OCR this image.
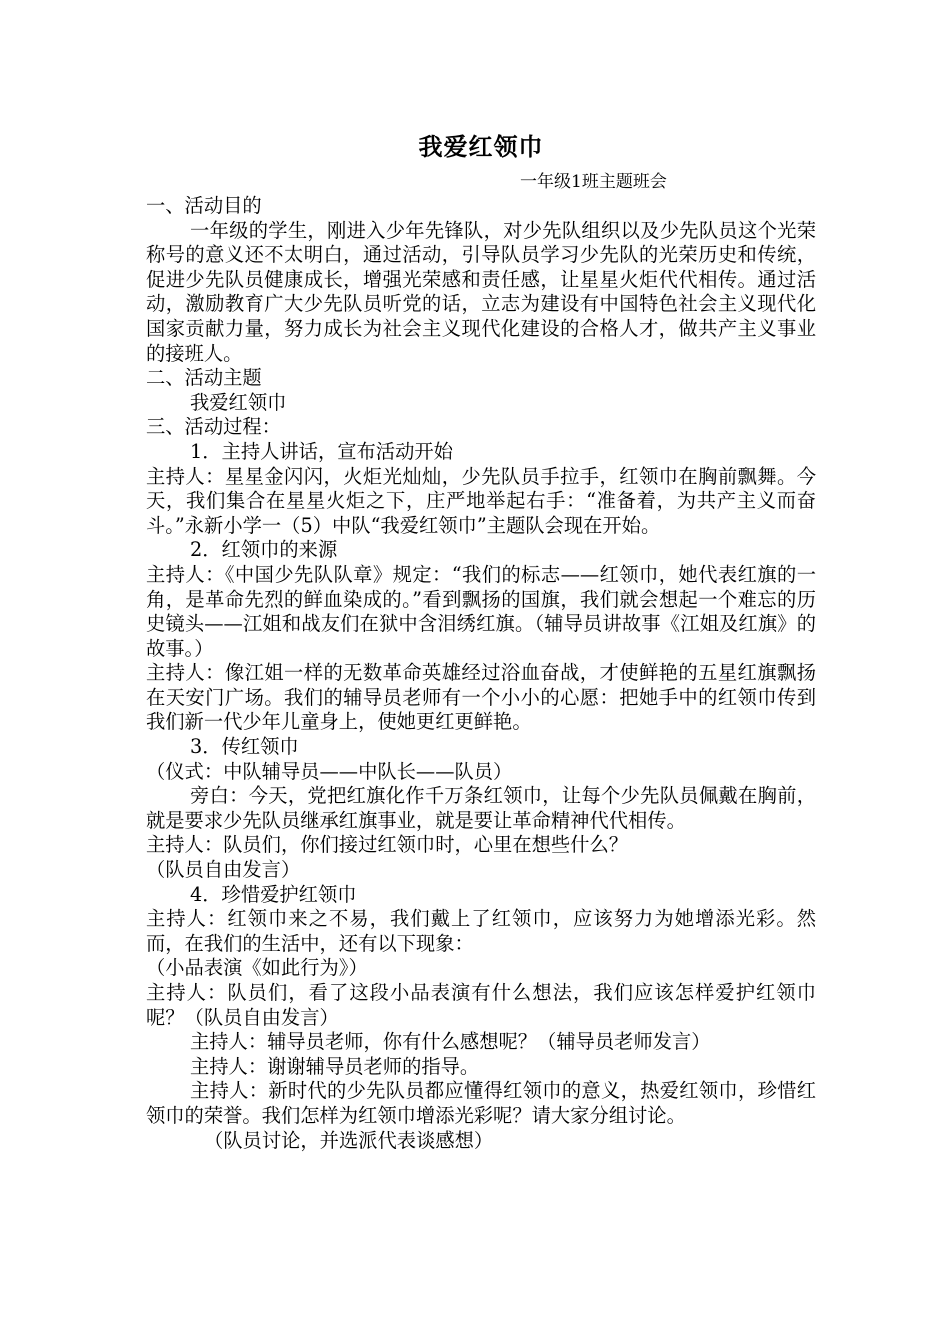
我爱红领巾

一年级1班主题班会

一、活动目的

一年级的学生，刚进入少年先锋队，对少先队组织以及少先队员这个光荣称号的意义还不太明白，通过活动，引导队员学习少先队的光荣历史和传统，促进少先队员健康成长，增强光荣感和责任感，让星星火炬代代相传。通过活动，激励教育广大少先队员听党的话，立志为建设有中国特色社会主义现代化国家贡献力量，努力成长为社会主义现代化建设的合格人才，做共产主义事业的接班人。

二、活动主题

我爱红领巾

三、活动过程：

1．主持人讲话，宣布活动开始

主持人：星星金闪闪，火炬光灿灿，少先队员手拉手，红领巾在胸前飘舞。今天，我们集合在星星火炬之下，庄严地举起右手：“准备着，为共产主义而奋斗。”永新小学一（5）中队“我爱红领巾”主题队会现在开始。

2．红领巾的来源

主持人：《中国少先队队章》规定：“我们的标志——红领巾，她代表红旗的一角，是革命先烈的鲜血染成的。”看到飘扬的国旗，我们就会想起一个难忘的历史镜头——江姐和战友们在狱中含泪绣红旗。（辅导员讲故事《江姐及红旗》的故事。）

主持人：像江姐一样的无数革命英雄经过浴血奋战，才使鲜艳的五星红旗飘扬在天安门广场。我们的辅导员老师有一个小小的心愿：把她手中的红领巾传到我们新一代少年儿童身上，使她更红更鲜艳。

3．传红领巾

（仪式：中队辅导员——中队长——队员）

旁白：今天，党把红旗化作千万条红领巾，让每个少先队员佩戴在胸前，就是要求少先队员继承红旗事业，就是要让革命精神代代相传。

主持人：队员们，你们接过红领巾时，心里在想些什么？

（队员自由发言）

4．珍惜爱护红领巾

主持人：红领巾来之不易，我们戴上了红领巾，应该努力为她增添光彩。然而，在我们的生活中，还有以下现象：

（小品表演《如此行为》）

主持人：队员们，看了这段小品表演有什么想法，我们应该怎样爱护红领巾呢？（队员自由发言）

主持人：辅导员老师，你有什么感想呢？（辅导员老师发言）

主持人：谢谢辅导员老师的指导。

主持人：新时代的少先队员都应懂得红领巾的意义，热爱红领巾，珍惜红领巾的荣誉。我们怎样为红领巾增添光彩呢？请大家分组讨论。

（队员讨论，并选派代表谈感想）
